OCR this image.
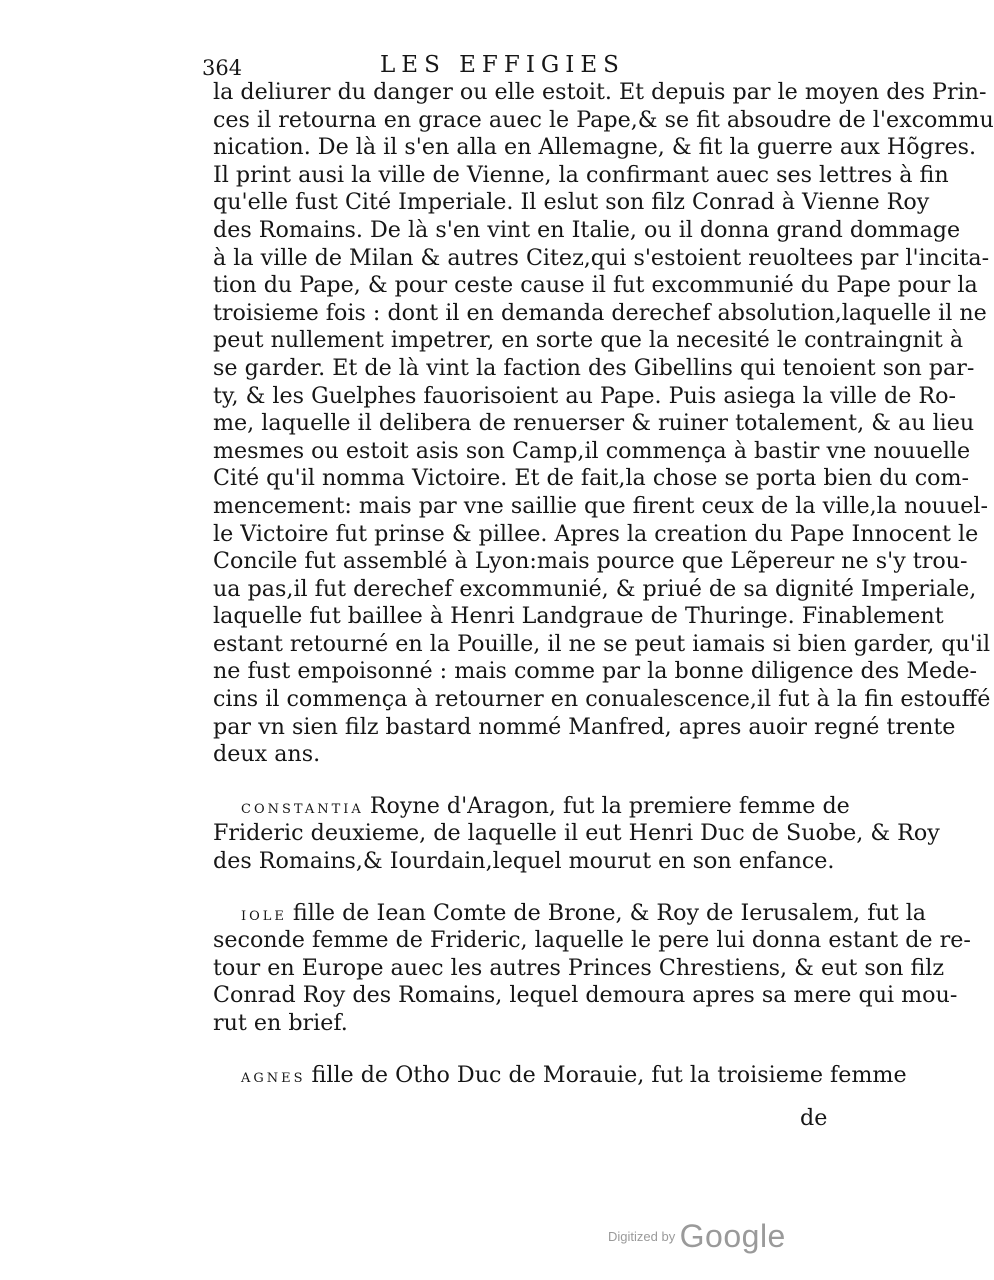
364	LES EFFIGIES
la deliurer du danger ou elle estoit. Et depuis par le moyen des Prin-
ces il retourna en grace auec le Pape,& se fit absoudre de l'excommu
nication. De là il s'en alla en Allemagne, & fit la guerre aux Hõgres.
Il print ausi la ville de Vienne, la confirmant auec ses lettres à fin
qu'elle fust Cité Imperiale. Il eslut son filz Conrad à Vienne Roy
des Romains. De là s'en vint en Italie, ou il donna grand dommage
à la ville de Milan & autres Citez,qui s'estoient reuoltees par l'incita-
tion du Pape, & pour ceste cause il fut excommunié du Pape pour la
troisieme fois : dont il en demanda derechef absolution,laquelle il ne
peut nullement impetrer, en sorte que la necesité le contraingnit à
se garder. Et de là vint la faction des Gibellins qui tenoient son par-
ty, & les Guelphes fauorisoient au Pape. Puis asiega la ville de Ro-
me, laquelle il delibera de renuerser & ruiner totalement, & au lieu
mesmes ou estoit asis son Camp,il commença à bastir vne nouuelle
Cité qu'il nomma Victoire. Et de fait,la chose se porta bien du com-
mencement: mais par vne saillie que firent ceux de la ville,la nouuel-
le Victoire fut prinse & pillee. Apres la creation du Pape Innocent le
Concile fut assemblé à Lyon:mais pource que Lẽpereur ne s'y trou-
ua pas,il fut derechef excommunié, & priué de sa dignité Imperiale,
laquelle fut baillee à Henri Landgraue de Thuringe. Finablement
estant retourné en la Pouille, il ne se peut iamais si bien garder, qu'il
ne fust empoisonné : mais comme par la bonne diligence des Mede-
cins il commença à retourner en conualescence,il fut à la fin estouffé
par vn sien filz bastard nommé Manfred, apres auoir regné trente
deux ans.
CONSTANTIA Royne d'Aragon, fut la premiere femme de
Frideric deuxieme, de laquelle il eut Henri Duc de Suobe, & Roy
des Romains,& Iourdain,lequel mourut en son enfance.
IOLE fille de Iean Comte de Brone, & Roy de Ierusalem, fut la
seconde femme de Frideric, laquelle le pere lui donna estant de re-
tour en Europe auec les autres Princes Chrestiens, & eut son filz
Conrad Roy des Romains, lequel demoura apres sa mere qui mou-
rut en brief.
AGNES fille de Otho Duc de Morauie, fut la troisieme femme
de
Digitized by Google
